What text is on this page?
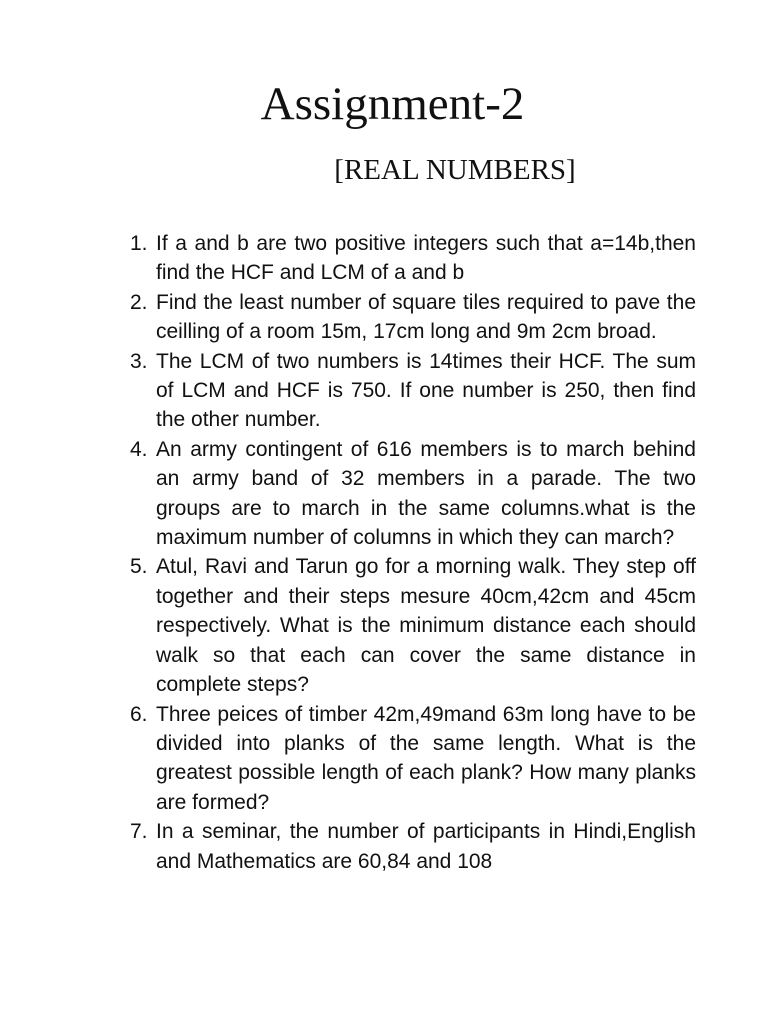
Assignment-2
[REAL NUMBERS]
1. If a and b are two positive integers such that a=14b,then find the HCF and LCM of a and b
2. Find the least number of square tiles required to pave the ceilling of a room 15m, 17cm long and 9m 2cm broad.
3. The LCM of two numbers is 14times their HCF. The sum of LCM and HCF is 750. If one number is 250, then find the other number.
4. An army contingent of 616 members is to march behind an army band of 32 members in a parade. The two groups are to march in the same columns.what is the maximum number of columns in which they can march?
5. Atul, Ravi and Tarun go for a morning walk. They step off together and their steps mesure 40cm,42cm and 45cm respectively. What is the minimum distance each should walk so that each can cover the same distance in complete steps?
6. Three peices of timber 42m,49mand 63m long have to be divided into planks of the same length. What is the greatest possible length of each plank? How many planks are formed?
7. In a seminar, the number of participants in Hindi,English and Mathematics are 60,84 and 108
